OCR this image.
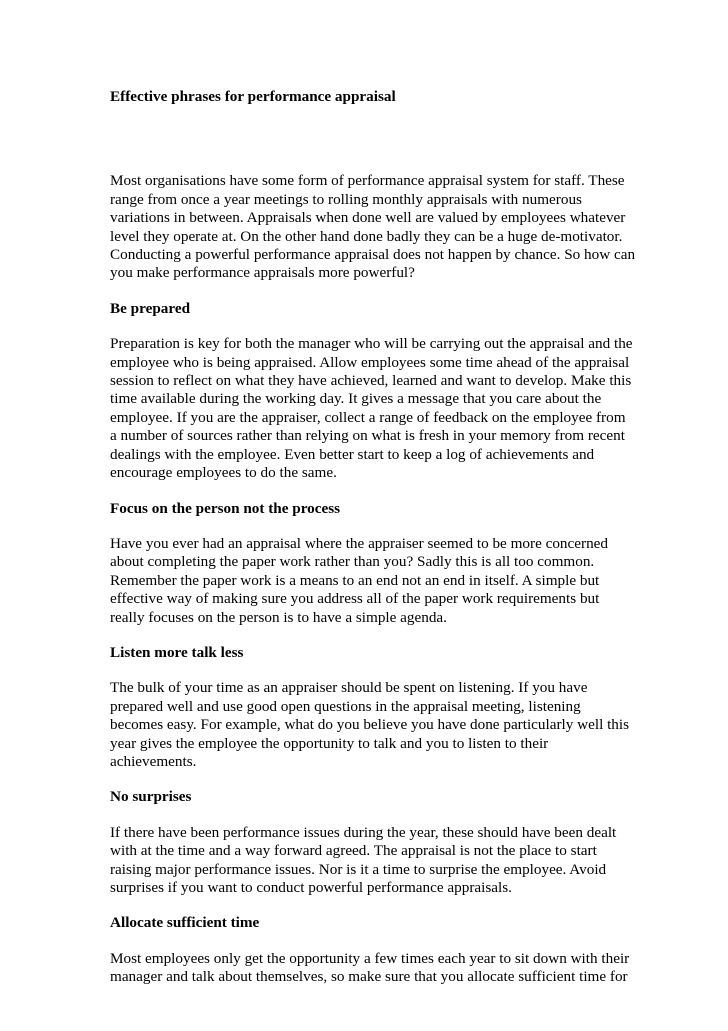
Effective phrases for performance appraisal

Most organisations have some form of performance appraisal system for staff. These
range from once a year meetings to rolling monthly appraisals with numerous
variations in between. Appraisals when done well are valued by employees whatever
level they operate at. On the other hand done badly they can be a huge de-motivator.
Conducting a powerful performance appraisal does not happen by chance. So how can
you make performance appraisals more powerful?

Be prepared

Preparation is key for both the manager who will be carrying out the appraisal and the
employee who is being appraised. Allow employees some time ahead of the appraisal
session to reflect on what they have achieved, learned and want to develop. Make this
time available during the working day. It gives a message that you care about the
employee. If you are the appraiser, collect a range of feedback on the employee from
a number of sources rather than relying on what is fresh in your memory from recent
dealings with the employee. Even better start to keep a log of achievements and
encourage employees to do the same.

Focus on the person not the process

Have you ever had an appraisal where the appraiser seemed to be more concerned
about completing the paper work rather than you? Sadly this is all too common.
Remember the paper work is a means to an end not an end in itself. A simple but
effective way of making sure you address all of the paper work requirements but
really focuses on the person is to have a simple agenda.

Listen more talk less

The bulk of your time as an appraiser should be spent on listening. If you have
prepared well and use good open questions in the appraisal meeting, listening
becomes easy. For example, what do you believe you have done particularly well this
year gives the employee the opportunity to talk and you to listen to their
achievements.

No surprises

If there have been performance issues during the year, these should have been dealt
with at the time and a way forward agreed. The appraisal is not the place to start
raising major performance issues. Nor is it a time to surprise the employee. Avoid
surprises if you want to conduct powerful performance appraisals.

Allocate sufficient time

Most employees only get the opportunity a few times each year to sit down with their
manager and talk about themselves, so make sure that you allocate sufficient time for
